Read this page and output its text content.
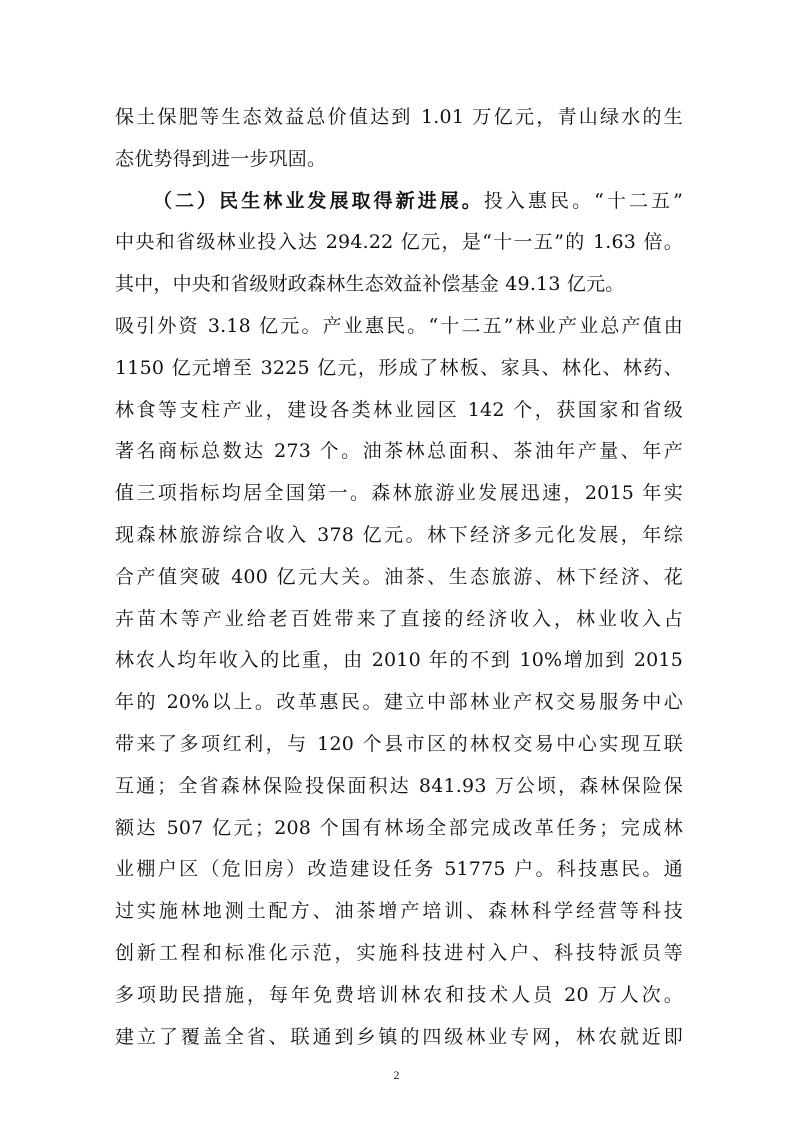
保土保肥等生态效益总价值达到 1.01 万亿元，青山绿水的生
态优势得到进一步巩固。
（二）民生林业发展取得新进展。投入惠民。“十二五”
中央和省级林业投入达 294.22 亿元，是“十一五”的 1.63 倍。
其中，中央和省级财政森林生态效益补偿基金 49.13 亿元。
吸引外资 3.18 亿元。产业惠民。“十二五”林业产业总产值由
1150 亿元增至 3225 亿元，形成了林板、家具、林化、林药、
林食等支柱产业，建设各类林业园区 142 个，获国家和省级
著名商标总数达 273 个。油茶林总面积、茶油年产量、年产
值三项指标均居全国第一。森林旅游业发展迅速，2015 年实
现森林旅游综合收入 378 亿元。林下经济多元化发展，年综
合产值突破 400 亿元大关。油茶、生态旅游、林下经济、花
卉苗木等产业给老百姓带来了直接的经济收入，林业收入占
林农人均年收入的比重，由 2010 年的不到 10%增加到 2015
年的 20%以上。改革惠民。建立中部林业产权交易服务中心
带来了多项红利，与 120 个县市区的林权交易中心实现互联
互通；全省森林保险投保面积达 841.93 万公顷，森林保险保
额达 507 亿元；208 个国有林场全部完成改革任务；完成林
业棚户区（危旧房）改造建设任务 51775 户。科技惠民。通
过实施林地测土配方、油茶增产培训、森林科学经营等科技
创新工程和标准化示范，实施科技进村入户、科技特派员等
多项助民措施，每年免费培训林农和技术人员 20 万人次。
建立了覆盖全省、联通到乡镇的四级林业专网，林农就近即
2
